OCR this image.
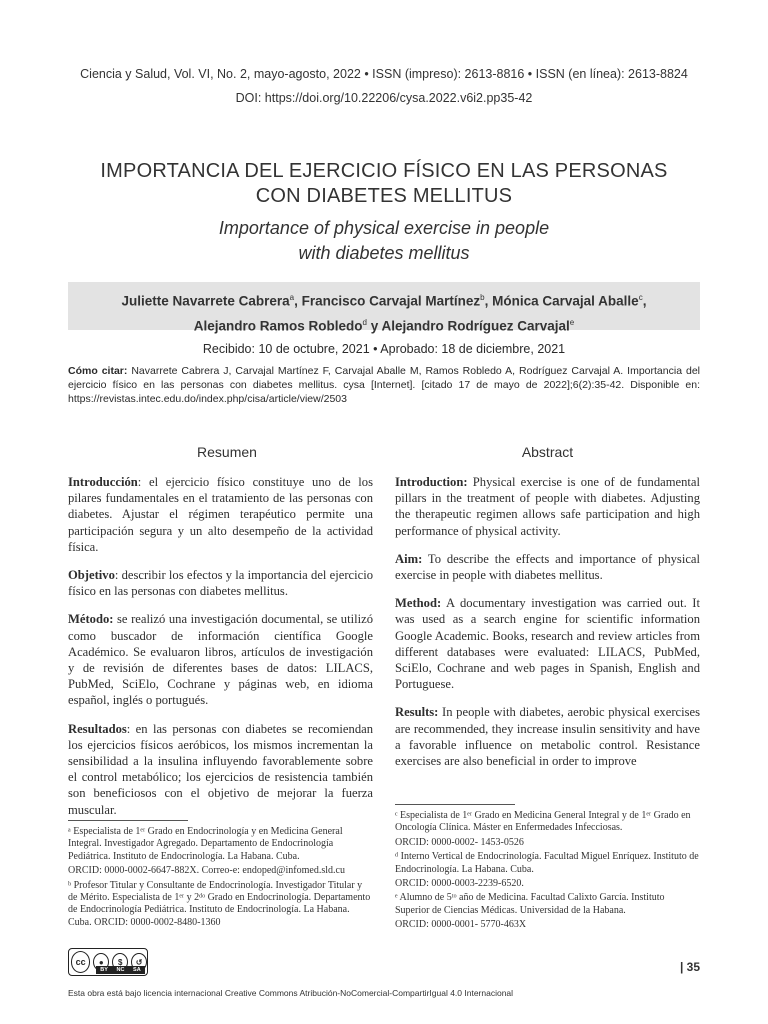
Ciencia y Salud, Vol. VI, No. 2, mayo-agosto, 2022 • ISSN (impreso): 2613-8816 • ISSN (en línea): 2613-8824
DOI: https://doi.org/10.22206/cysa.2022.v6i2.pp35-42
IMPORTANCIA DEL EJERCICIO FÍSICO EN LAS PERSONAS
CON DIABETES MELLITUS
Importance of physical exercise in people
with diabetes mellitus
Juliette Navarrete Cabrera$^a$, Francisco Carvajal Martínez$^b$, Mónica Carvajal Aballe$^c$,
Alejandro Ramos Robledo$^d$ y Alejandro Rodríguez Carvajal$^e$
Recibido: 10 de octubre, 2021 • Aprobado: 18 de diciembre, 2021
Cómo citar: Navarrete Cabrera J, Carvajal Martínez F, Carvajal Aballe M, Ramos Robledo A, Rodríguez Carvajal A. Importancia del ejercicio físico en las personas con diabetes mellitus. cysa [Internet]. [citado 17 de mayo de 2022];6(2):35-42. Disponible en: https://revistas.intec.edu.do/index.php/cisa/article/view/2503
Resumen	Abstract

Introducción: el ejercicio físico constituye uno de los pilares fundamentales en el tratamiento de las personas con diabetes. Ajustar el régimen terapéutico permite una participación segura y un alto desempeño de la actividad física.

Objetivo: describir los efectos y la importancia del ejercicio físico en las personas con diabetes mellitus.

Método: se realizó una investigación documental, se utilizó como buscador de información científica Google Académico. Se evaluaron libros, artículos de investigación y de revisión de diferentes bases de datos: LILACS, PubMed, SciElo, Cochrane y páginas web, en idioma español, inglés o portugués.

Resultados: en las personas con diabetes se recomiendan los ejercicios físicos aeróbicos, los mismos incrementan la sensibilidad a la insulina influyendo favorablemente sobre el control metabólico; los ejercicios de resistencia también son beneficiosos con el objetivo de mejorar la fuerza muscular.

Introduction: Physical exercise is one of de fundamental pillars in the treatment of people with diabetes. Adjusting the therapeutic regimen allows safe participation and high performance of physical activity.

Aim: To describe the effects and importance of physical exercise in people with diabetes mellitus.

Method: A documentary investigation was carried out. It was used as a search engine for scientific information Google Academic. Books, research and review articles from different databases were evaluated: LILACS, PubMed, SciElo, Cochrane and web pages in Spanish, English and Portuguese.

Results: In people with diabetes, aerobic physical exercises are recommended, they increase insulin sensitivity and have a favorable influence on metabolic control. Resistance exercises are also beneficial in order to improve

ᵃ Especialista de 1ᵉʳ Grado en Endocrinología y en Medicina General Integral. Investigador Agregado. Departamento de Endocrinología Pediátrica. Instituto de Endocrinología. La Habana. Cuba.

ORCID: 0000-0002-6647-882X. Correo-e: endoped@infomed.sld.cu

ᵇ Profesor Titular y Consultante de Endocrinología. Investigador Titular y de Mérito. Especialista de 1ᵉʳ y 2ᵈᵒ Grado en Endocrinología. Departamento de Endocrinología Pediátrica. Instituto de Endocrinología. La Habana. Cuba. ORCID: 0000-0002-8480-1360

ᶜ Especialista de 1ᵉʳ Grado en Medicina General Integral y de 1ᵉʳ Grado en Oncología Clínica. Máster en Enfermedades Infecciosas.

ORCID: 0000-0002- 1453-0526

ᵈ Interno Vertical de Endocrinología. Facultad Miguel Enríquez. Instituto de Endocrinología. La Habana. Cuba.

ORCID: 0000-0003-2239-6520.

ᵉ Alumno de 5ᵗᵒ año de Medicina. Facultad Calixto García. Instituto Superior de Ciencias Médicas. Universidad de la Habana.

ORCID: 0000-0001- 5770-463X

cc	●	$	↺
BY NC SA	| 35
Esta obra está bajo licencia internacional Creative Commons Atribución-NoComercial-CompartirIgual 4.0 Internacional
